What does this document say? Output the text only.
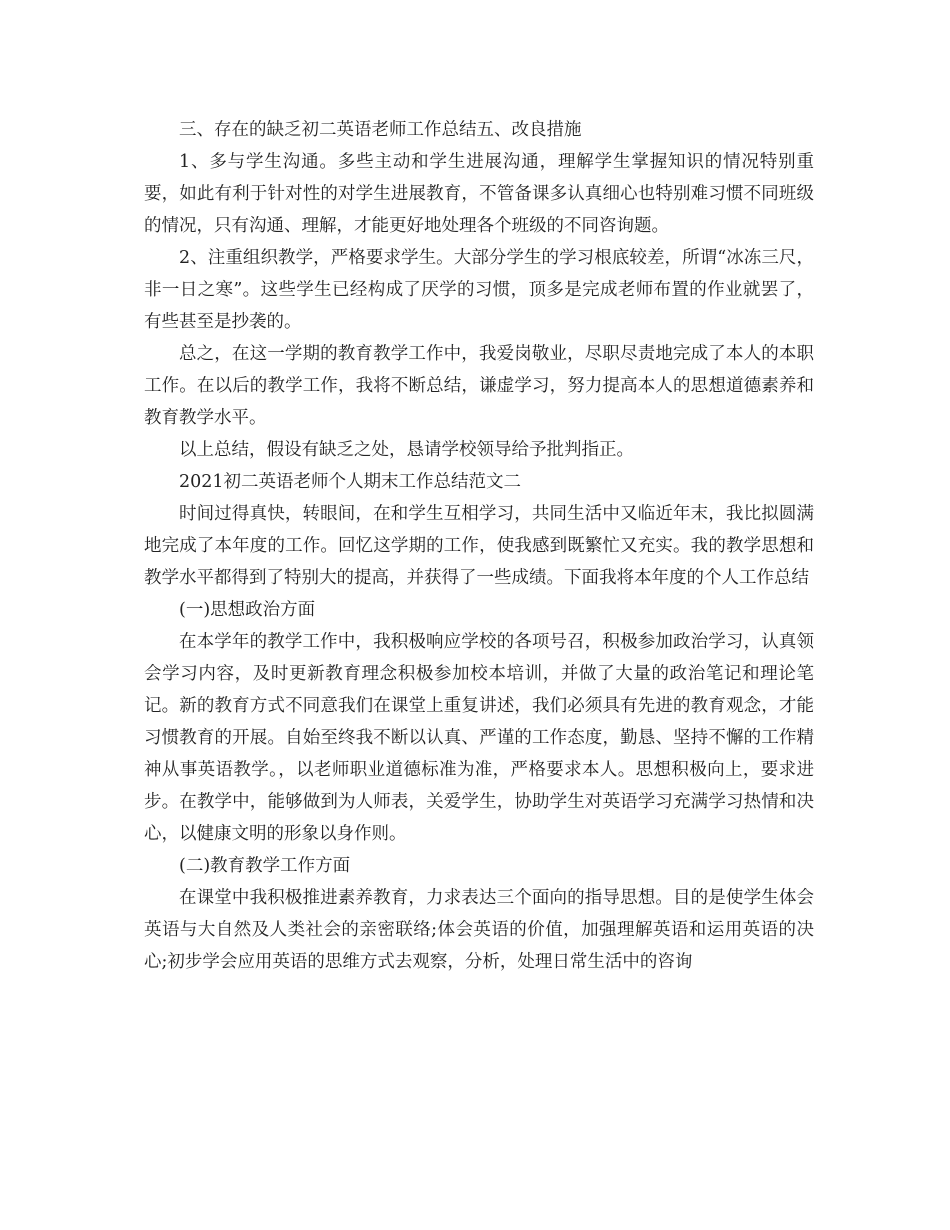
三、存在的缺乏初二英语老师工作总结五、改良措施

1、多与学生沟通。多些主动和学生进展沟通，理解学生掌握知识的情况特别重要，如此有利于针对性的对学生进展教育，不管备课多认真细心也特别难习惯不同班级的情况，只有沟通、理解，才能更好地处理各个班级的不同咨询题。

2、注重组织教学，严格要求学生。大部分学生的学习根底较差，所谓“冰冻三尺，非一日之寒”。这些学生已经构成了厌学的习惯，顶多是完成老师布置的作业就罢了，有些甚至是抄袭的。

总之，在这一学期的教育教学工作中，我爱岗敬业，尽职尽责地完成了本人的本职工作。在以后的教学工作，我将不断总结，谦虚学习，努力提高本人的思想道德素养和教育教学水平。

以上总结，假设有缺乏之处，恳请学校领导给予批判指正。

2021初二英语老师个人期末工作总结范文二

时间过得真快，转眼间，在和学生互相学习，共同生活中又临近年末，我比拟圆满地完成了本年度的工作。回忆这学期的工作，使我感到既繁忙又充实。我的教学思想和教学水平都得到了特别大的提高，并获得了一些成绩。下面我将本年度的个人工作总结

(一)思想政治方面

在本学年的教学工作中，我积极响应学校的各项号召，积极参加政治学习，认真领会学习内容，及时更新教育理念积极参加校本培训，并做了大量的政治笔记和理论笔记。新的教育方式不同意我们在课堂上重复讲述，我们必须具有先进的教育观念，才能习惯教育的开展。自始至终我不断以认真、严谨的工作态度，勤恳、坚持不懈的工作精神从事英语教学。，以老师职业道德标准为准，严格要求本人。思想积极向上，要求进步。在教学中，能够做到为人师表，关爱学生，协助学生对英语学习充满学习热情和决心，以健康文明的形象以身作则。

(二)教育教学工作方面

在课堂中我积极推进素养教育，力求表达三个面向的指导思想。目的是使学生体会英语与大自然及人类社会的亲密联络;体会英语的价值，加强理解英语和运用英语的决心;初步学会应用英语的思维方式去观察，分析，处理日常生活中的咨询
